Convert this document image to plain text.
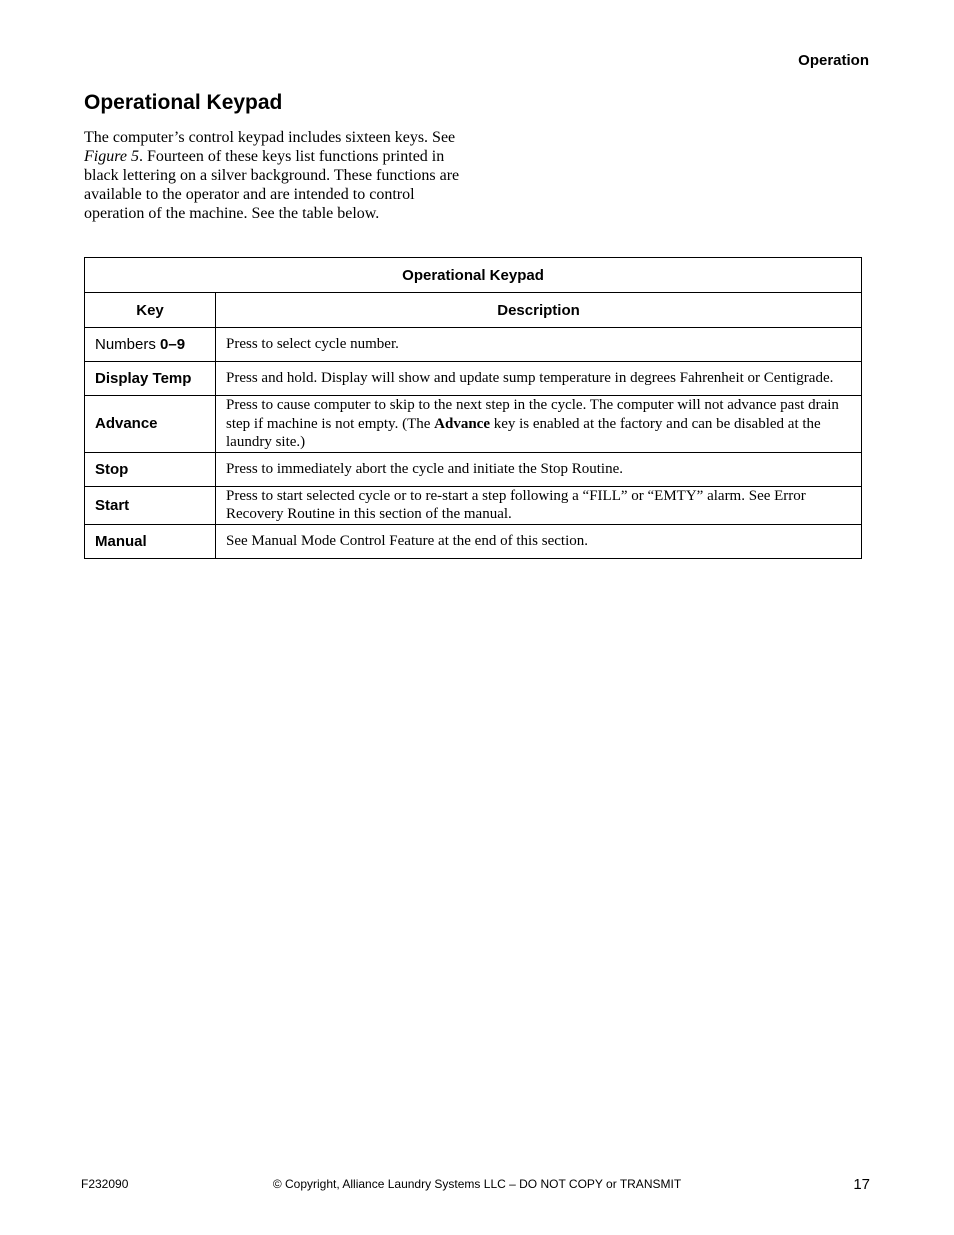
Operation
Operational Keypad

The computer’s control keypad includes sixteen keys. See Figure 5. Fourteen of these keys list functions printed in black lettering on a silver background. These functions are available to the operator and are intended to control operation of the machine. See the table below.

Operational Keypad	
Key	Description
Numbers 0–9	Press to select cycle number.
Display Temp	Press and hold. Display will show and update sump temperature in degrees Fahrenheit or Centigrade.
Advance	Press to cause computer to skip to the next step in the cycle. The computer will not advance past drain step if machine is not empty. (The Advance key is enabled at the factory and can be disabled at the
laundry site.)
Stop	Press to immediately abort the cycle and initiate the Stop Routine.
Start	Press to start selected cycle or to re-start a step following a “FILL” or “EMTY” alarm. See Error Recovery Routine in this section of the manual.
Manual	See Manual Mode Control Feature at the end of this section.
© Copyright, Alliance Laundry Systems LLC – DO NOT COPY or TRANSMIT
F232090	17
